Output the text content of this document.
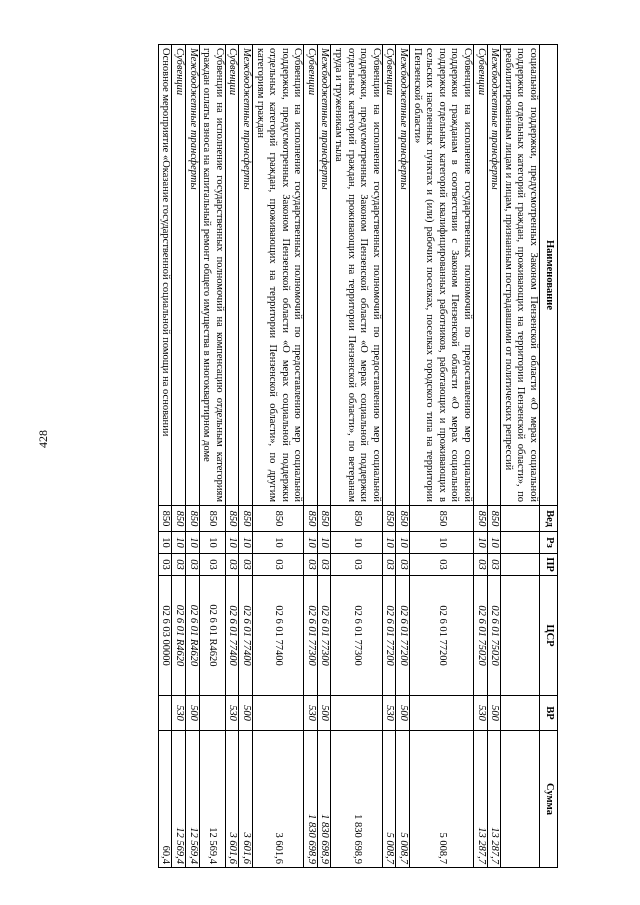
428
Наименование	Вед	Рз	ПР	ЦСР	ВР	Сумма
социальной поддержки, предусмотренных Законом Пензенской области «О мерах социальной поддержки отдельных категорий граждан, проживающих на территории Пензенской области», по реабилитированным лицам и лицам, признанным пострадавшими от политических репрессий						
Межбюджетные трансферты	850	10	03	02 6 01 75020	500	13 287,7
Субвенции	850	10	03	02 6 01 75020	530	13 287,7
Субвенции на исполнение государственных полномочий по предоставлению мер социальной поддержки гражданам в соответствии с Законом Пензенской области «О мерах социальной поддержки отдельных категорий квалифицированных работников, работающих и проживающих в сельских населенных пунктах и (или) рабочих поселках, поселках городского типа на территории Пензенской области»	850	10	03	02 6 01 77200		5 008,7
Межбюджетные трансферты	850	10	03	02 6 01 77200	500	5 008,7
Субвенции	850	10	03	02 6 01 77200	530	5 008,7
Субвенции на исполнение государственных полномочий по предоставлению мер социальной поддержки, предусмотренных Законом Пензенской области «О мерах социальной поддержки отдельных категорий граждан, проживающих на территории Пензенской области», по ветеранам труда и труженикам тыла	850	10	03	02 6 01 77300		1 830 698,9
Межбюджетные трансферты	850	10	03	02 6 01 77300	500	1 830 698,9
Субвенции	850	10	03	02 6 01 77300	530	1 830 698,9
Субвенции на исполнение государственных полномочий по предоставлению мер социальной поддержки, предусмотренных Законом Пензенской области «О мерах социальной поддержки отдельных категорий граждан, проживающих на территории Пензенской области», по другим категориям граждан	850	10	03	02 6 01 77400		3 601,6
Межбюджетные трансферты	850	10	03	02 6 01 77400	500	3 601,6
Субвенции	850	10	03	02 6 01 77400	530	3 601,6
Субвенции на исполнение государственных полномочий на компенсацию отдельным категориям граждан оплаты взноса на капитальный ремонт общего имущества в многоквартирном доме	850	10	03	02 6 01 R4620		12 569,4
Межбюджетные трансферты	850	10	03	02 6 01 R4620	500	12 569,4
Субвенции	850	10	03	02 6 01 R4620	530	12 569,4
Основное мероприятие «Оказание государственной социальной помощи на основании	850	10	03	02 6 03 00000		60,4
